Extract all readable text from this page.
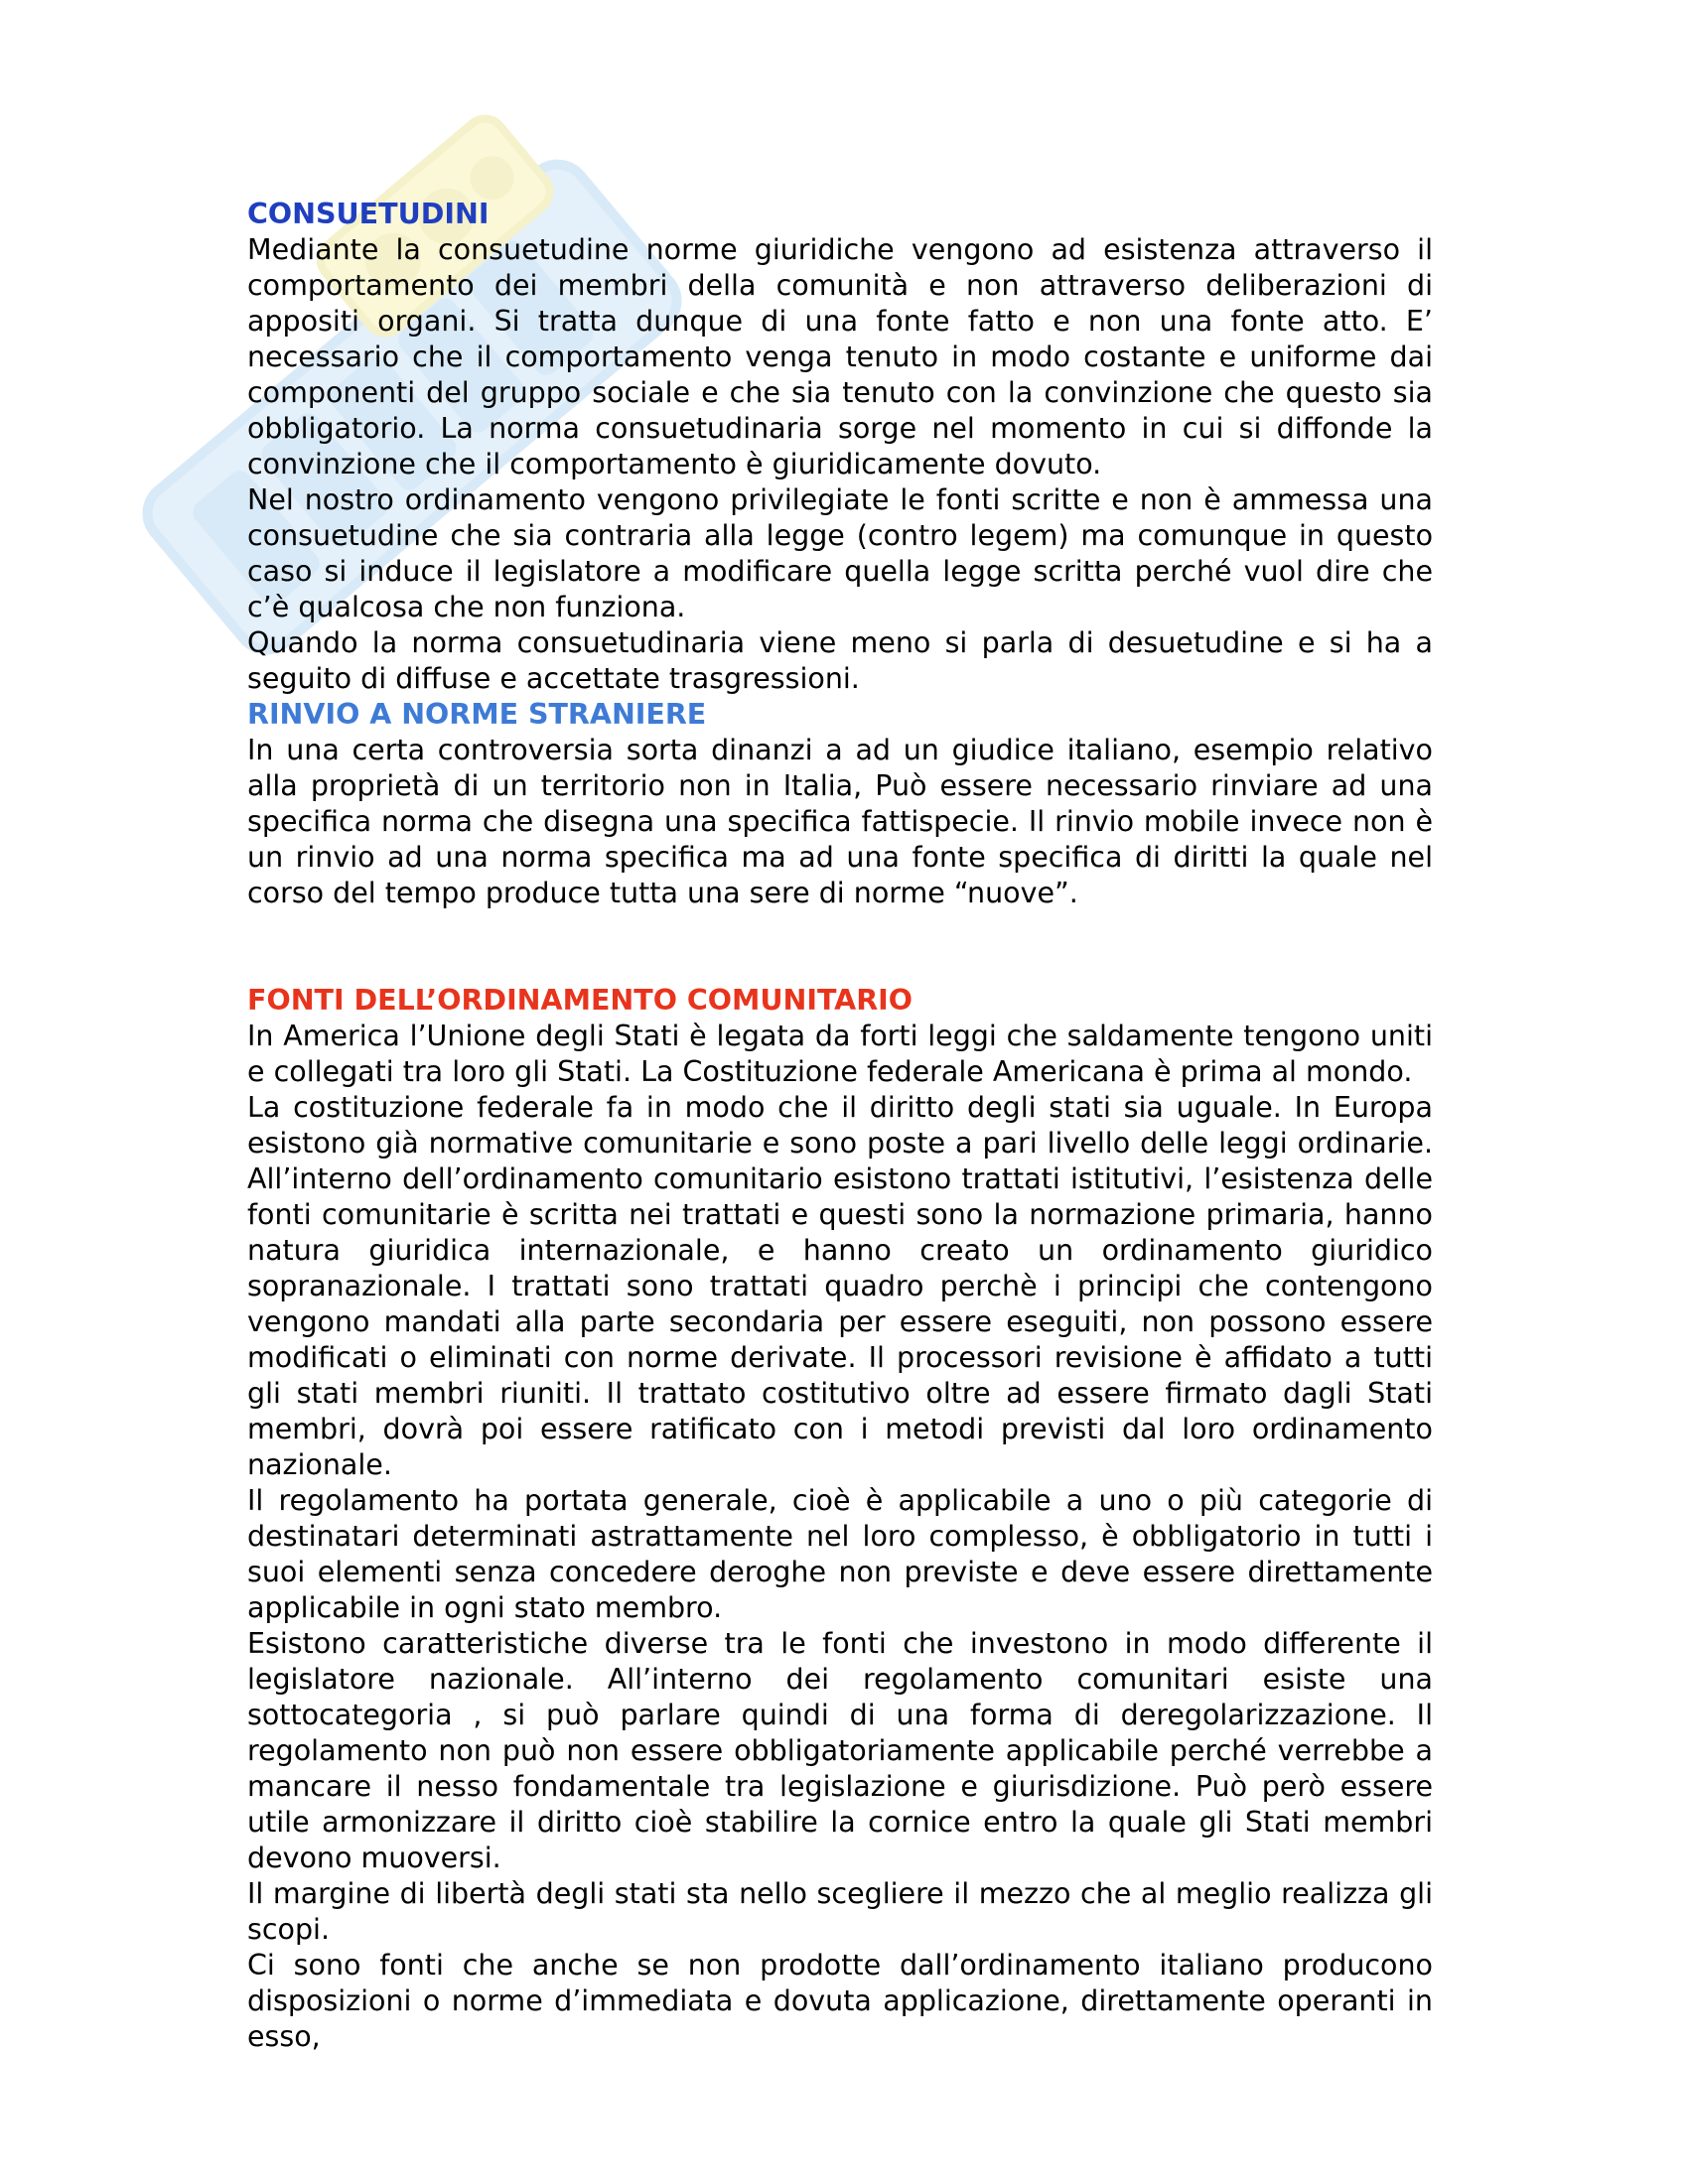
CONSUETUDINI

Mediante la consuetudine norme giuridiche vengono ad esistenza attraverso il comportamento dei membri della comunità e non attraverso deliberazioni di appositi organi. Si tratta dunque di una fonte fatto e non una fonte atto. E’ necessario che il comportamento venga tenuto in modo costante e uniforme dai componenti del gruppo sociale e che sia tenuto con la convinzione che questo sia obbligatorio. La norma consuetudinaria sorge nel momento in cui si diffonde la convinzione che il comportamento è giuridicamente dovuto.

Nel nostro ordinamento vengono privilegiate le fonti scritte e non è ammessa una consuetudine che sia contraria alla legge (contro legem) ma comunque in questo caso si induce il legislatore a modificare quella legge scritta perché vuol dire che c’è qualcosa che non funziona.

Quando la norma consuetudinaria viene meno si parla di desuetudine e si ha a seguito di diffuse e accettate trasgressioni.

RINVIO A NORME STRANIERE

In una certa controversia sorta dinanzi a ad un giudice italiano, esempio relativo alla proprietà di un territorio non in Italia, Può essere necessario rinviare ad una specifica norma che disegna una specifica fattispecie. Il rinvio mobile invece non è un rinvio ad una norma specifica ma ad una fonte specifica di diritti la quale nel corso del tempo produce tutta una sere di norme “nuove”.

FONTI DELL’ORDINAMENTO COMUNITARIO

In America l’Unione degli Stati è legata da forti leggi che saldamente tengono uniti e collegati tra loro gli Stati. La Costituzione federale Americana è prima al mondo.

La costituzione federale fa in modo che il diritto degli stati sia uguale. In Europa esistono già normative comunitarie e sono poste a pari livello delle leggi ordinarie. All’interno dell’ordinamento comunitario esistono trattati istitutivi, l’esistenza delle fonti comunitarie è scritta nei trattati e questi sono la normazione primaria, hanno natura giuridica internazionale, e hanno creato un ordinamento giuridico sopranazionale. I trattati sono trattati quadro perchè i principi che contengono vengono mandati alla parte secondaria per essere eseguiti, non possono essere modificati o eliminati con norme derivate. Il processori revisione è affidato a tutti gli stati membri riuniti. Il trattato costitutivo oltre ad essere firmato dagli Stati membri, dovrà poi essere ratificato con i metodi previsti dal loro ordinamento nazionale.

Il regolamento ha portata generale, cioè è applicabile a uno o più categorie di destinatari determinati astrattamente nel loro complesso, è obbligatorio in tutti i suoi elementi senza concedere deroghe non previste e deve essere direttamente applicabile in ogni stato membro.

Esistono caratteristiche diverse tra le fonti che investono in modo differente il legislatore nazionale. All’interno dei regolamento comunitari esiste una sottocategoria , si può parlare quindi di una forma di deregolarizzazione. Il regolamento non può non essere obbligatoriamente applicabile perché verrebbe a mancare il nesso fondamentale tra legislazione e giurisdizione. Può però essere utile armonizzare il diritto cioè stabilire la cornice entro la quale gli Stati membri devono muoversi.

Il margine di libertà degli stati sta nello scegliere il mezzo che al meglio realizza gli scopi.

Ci sono fonti che anche se non prodotte dall’ordinamento italiano producono disposizioni o norme d’immediata e dovuta applicazione, direttamente operanti in esso,
